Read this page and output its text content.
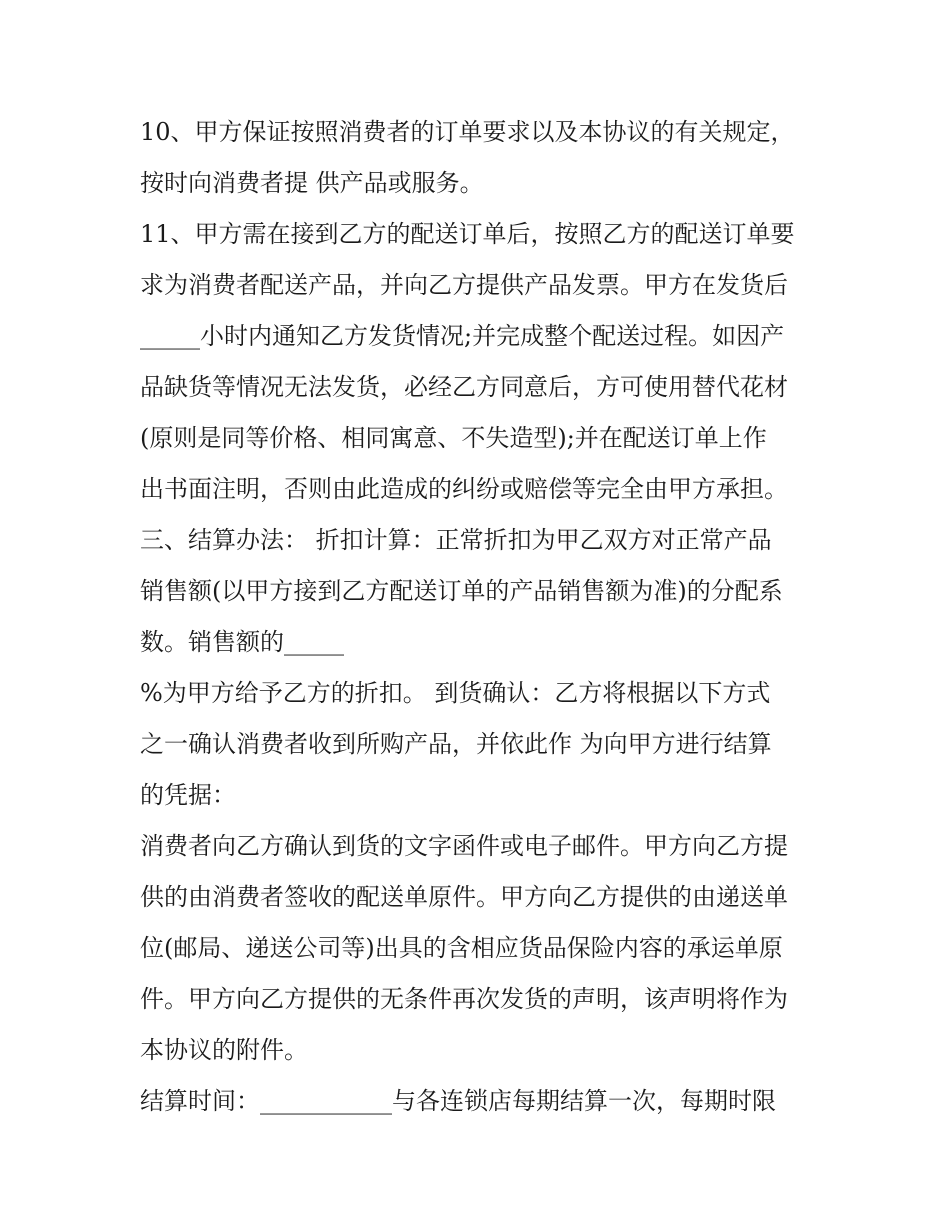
10、甲方保证按照消费者的订单要求以及本协议的有关规定，
按时向消费者提 供产品或服务。
11、甲方需在接到乙方的配送订单后，按照乙方的配送订单要
求为消费者配送产品，并向乙方提供产品发票。甲方在发货后
_____小时内通知乙方发货情况;并完成整个配送过程。如因产
品缺货等情况无法发货，必经乙方同意后，方可使用替代花材
(原则是同等价格、相同寓意、不失造型);并在配送订单上作
出书面注明，否则由此造成的纠纷或赔偿等完全由甲方承担。
三、结算办法： 折扣计算：正常折扣为甲乙双方对正常产品
销售额(以甲方接到乙方配送订单的产品销售额为准)的分配系
数。销售额的_____
%为甲方给予乙方的折扣。 到货确认：乙方将根据以下方式
之一确认消费者收到所购产品，并依此作 为向甲方进行结算
的凭据：
消费者向乙方确认到货的文字函件或电子邮件。甲方向乙方提
供的由消费者签收的配送单原件。甲方向乙方提供的由递送单
位(邮局、递送公司等)出具的含相应货品保险内容的承运单原
件。甲方向乙方提供的无条件再次发货的声明，该声明将作为
本协议的附件。
结算时间：___________与各连锁店每期结算一次，每期时限
